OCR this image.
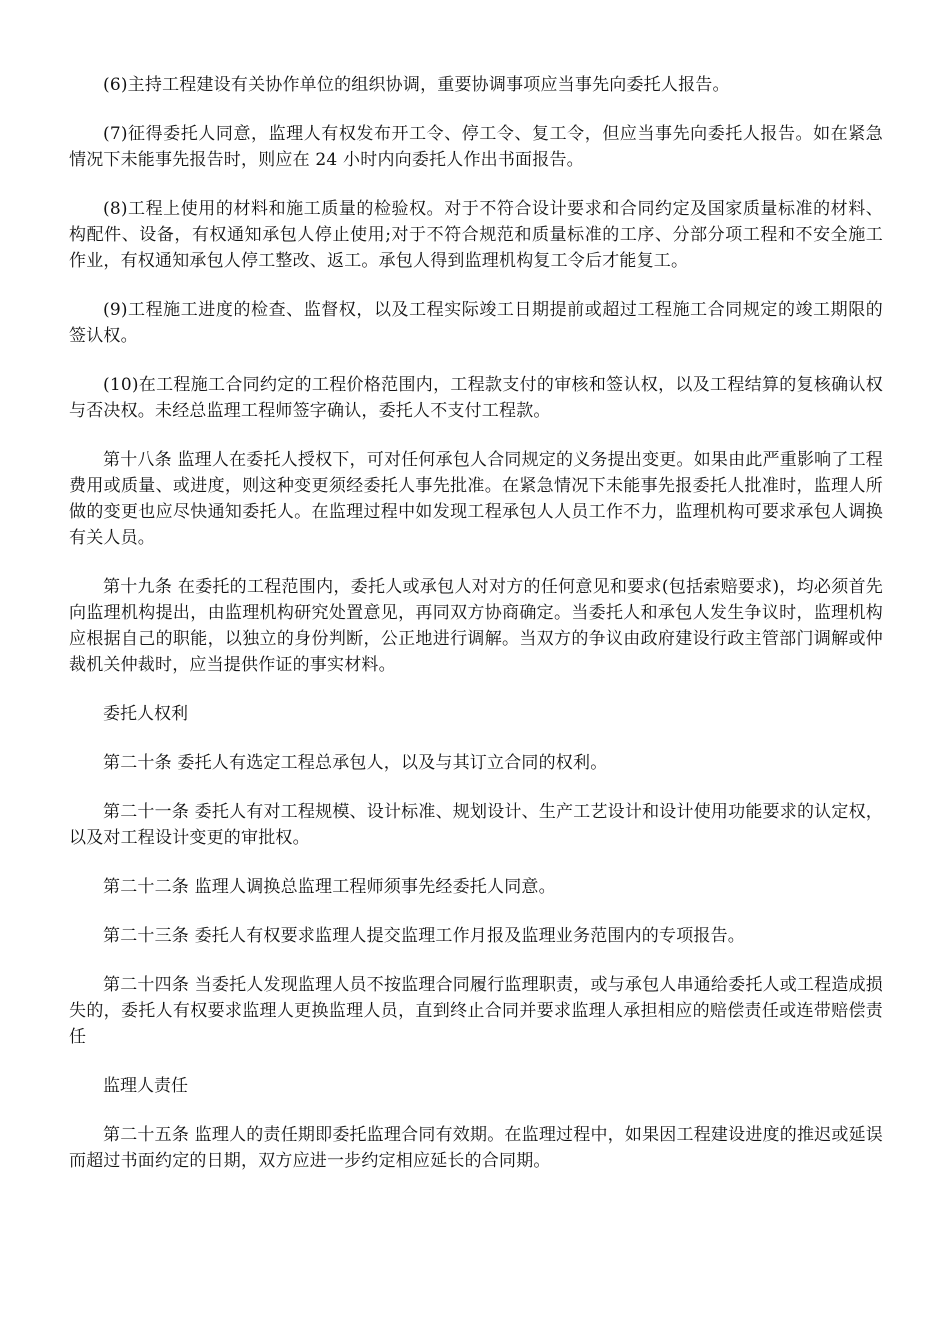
(6)主持工程建设有关协作单位的组织协调，重要协调事项应当事先向委托人报告。

(7)征得委托人同意，监理人有权发布开工令、停工令、复工令，但应当事先向委托人报告。如在紧急情况下未能事先报告时，则应在 24 小时内向委托人作出书面报告。

(8)工程上使用的材料和施工质量的检验权。对于不符合设计要求和合同约定及国家质量标准的材料、构配件、设备，有权通知承包人停止使用;对于不符合规范和质量标准的工序、分部分项工程和不安全施工作业，有权通知承包人停工整改、返工。承包人得到监理机构复工令后才能复工。

(9)工程施工进度的检查、监督权，以及工程实际竣工日期提前或超过工程施工合同规定的竣工期限的签认权。

(10)在工程施工合同约定的工程价格范围内，工程款支付的审核和签认权，以及工程结算的复核确认权与否决权。未经总监理工程师签字确认，委托人不支付工程款。

第十八条 监理人在委托人授权下，可对任何承包人合同规定的义务提出变更。如果由此严重影响了工程费用或质量、或进度，则这种变更须经委托人事先批准。在紧急情况下未能事先报委托人批准时，监理人所做的变更也应尽快通知委托人。在监理过程中如发现工程承包人人员工作不力，监理机构可要求承包人调换有关人员。

第十九条 在委托的工程范围内，委托人或承包人对对方的任何意见和要求(包括索赔要求)，均必须首先向监理机构提出，由监理机构研究处置意见，再同双方协商确定。当委托人和承包人发生争议时，监理机构应根据自己的职能，以独立的身份判断，公正地进行调解。当双方的争议由政府建设行政主管部门调解或仲裁机关仲裁时，应当提供作证的事实材料。

委托人权利

第二十条 委托人有选定工程总承包人，以及与其订立合同的权利。

第二十一条 委托人有对工程规模、设计标准、规划设计、生产工艺设计和设计使用功能要求的认定权，以及对工程设计变更的审批权。

第二十二条 监理人调换总监理工程师须事先经委托人同意。

第二十三条 委托人有权要求监理人提交监理工作月报及监理业务范围内的专项报告。

第二十四条 当委托人发现监理人员不按监理合同履行监理职责，或与承包人串通给委托人或工程造成损失的，委托人有权要求监理人更换监理人员，直到终止合同并要求监理人承担相应的赔偿责任或连带赔偿责任

监理人责任

第二十五条 监理人的责任期即委托监理合同有效期。在监理过程中，如果因工程建设进度的推迟或延误而超过书面约定的日期，双方应进一步约定相应延长的合同期。
